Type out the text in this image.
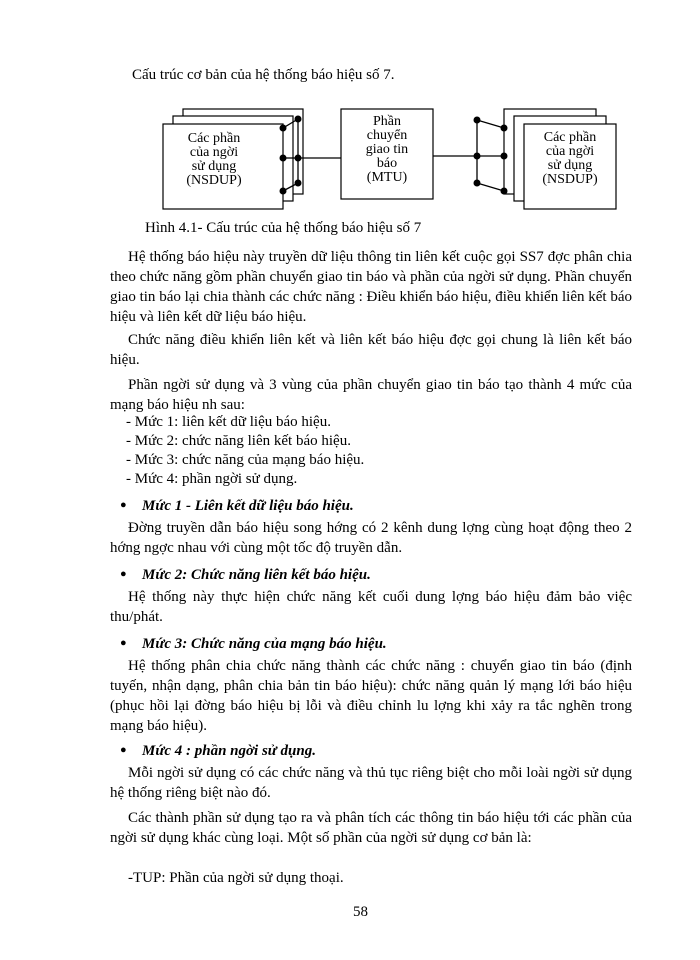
Cấu trúc cơ bản của hệ thống báo hiệu số 7.
Các phần
của ngời
sử dụng
(NSDUP)
Phần
chuyển
giao tin
báo
(MTU)
Các phần
của ngời
sử dụng
(NSDUP)
Hình 4.1- Cấu trúc của hệ thống báo hiệu số 7
Hệ thống báo hiệu này truyền dữ liệu thông tin liên kết cuộc gọi SS7 đợc phân chia theo chức năng gồm phần chuyển giao tin báo và phần của ngời sử dụng. Phần chuyển giao tin báo lại chia thành các chức năng : Điều khiển báo hiệu, điều khiển liên kết báo hiệu và liên kết dữ liệu báo hiệu.
Chức năng điều khiển liên kết và liên kết báo hiệu đợc gọi chung là liên kết báo hiệu.
Phần ngời sử dụng và 3 vùng của phần chuyển giao tin báo tạo thành 4 mức của mạng báo hiệu nh sau:
- Mức 1: liên kết dữ liệu báo hiệu.
- Mức 2: chức năng liên kết báo hiệu.
- Mức 3: chức năng của mạng báo hiệu.
- Mức 4: phần ngời sử dụng.
● Mức 1 - Liên kết dữ liệu báo hiệu.
Đờng truyền dẫn báo hiệu song hớng có 2 kênh dung lợng cùng hoạt động theo 2 hớng ngợc nhau với cùng một tốc độ truyền dẫn.
● Mức 2: Chức năng liên kết báo hiệu.
Hệ thống này thực hiện chức năng kết cuối dung lợng báo hiệu đảm bảo việc thu/phát.
● Mức 3: Chức năng của mạng báo hiệu.
Hệ thống phân chia chức năng thành các chức năng : chuyển giao tin báo (định tuyến, nhận dạng, phân chia bản tin báo hiệu): chức năng quản lý mạng lới báo hiệu (phục hồi lại đờng báo hiệu bị lỗi và điều chỉnh lu lợng khi xảy ra tắc nghẽn trong mạng báo hiệu).
● Mức 4 : phần ngời sử dụng.
Mỗi ngời sử dụng có các chức năng và thủ tục riêng biệt cho mỗi loài ngời sử dụng hệ thống riêng biệt nào đó.
Các thành phần sử dụng tạo ra và phân tích các thông tin báo hiệu tới các phần của ngời sử dụng khác cùng loại. Một số phần của ngời sử dụng cơ bản là:
-TUP: Phần của ngời sử dụng thoại.
58
